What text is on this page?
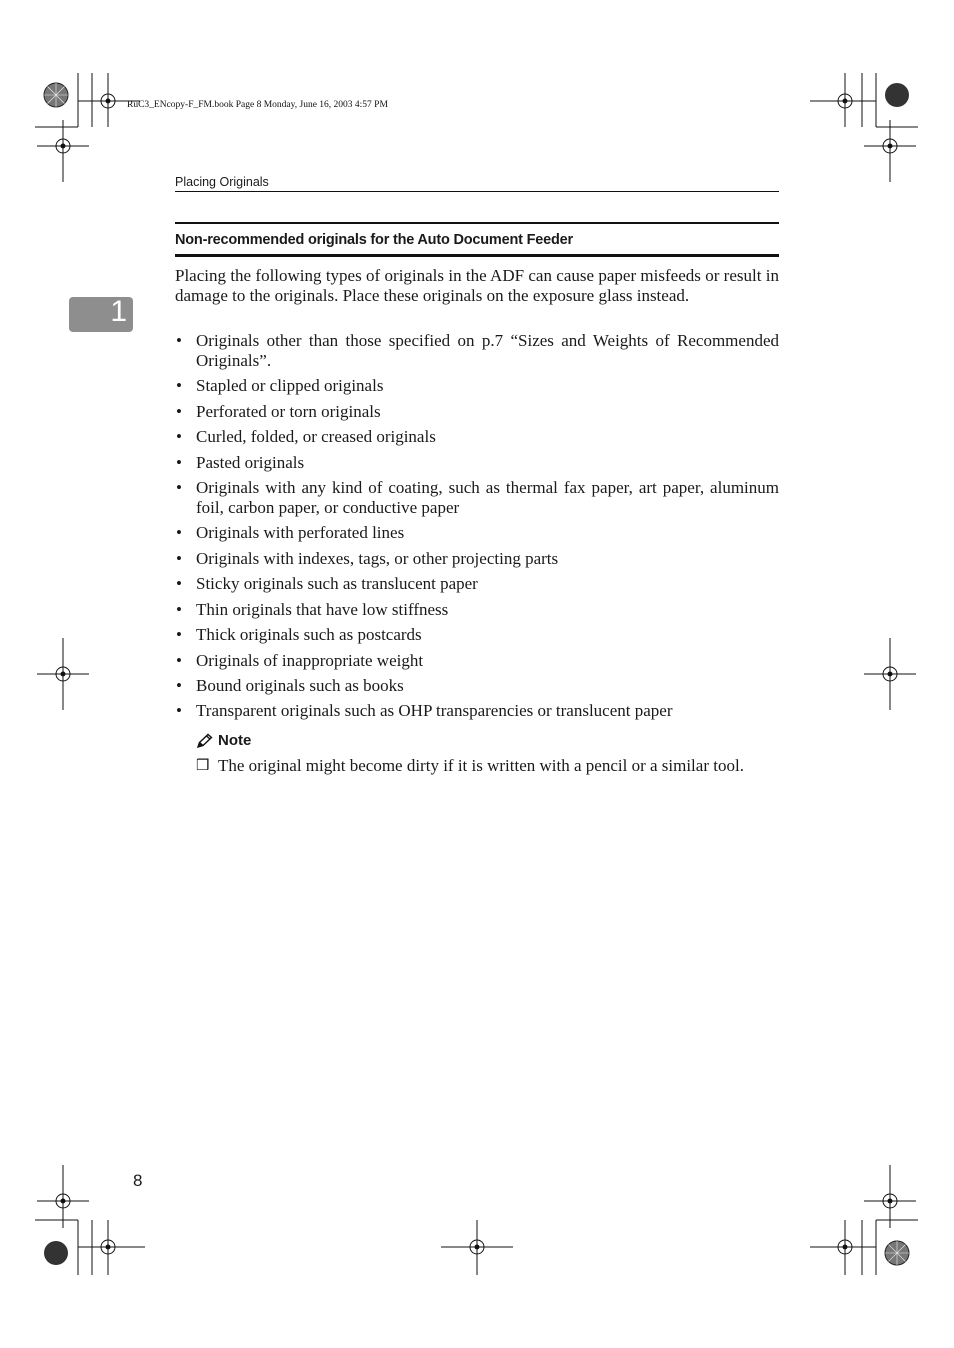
RuC3_ENcopy-F_FM.book Page 8 Monday, June 16, 2003 4:57 PM
Placing Originals
1
Non-recommended originals for the Auto Document Feeder

Placing the following types of originals in the ADF can cause paper misfeeds or result in damage to the originals. Place these originals on the exposure glass instead.

• Originals other than those specified on p.7 “Sizes and Weights of Recommended Originals”.
• Stapled or clipped originals
• Perforated or torn originals
• Curled, folded, or creased originals
• Pasted originals
• Originals with any kind of coating, such as thermal fax paper, art paper, aluminum foil, carbon paper, or conductive paper
• Originals with perforated lines
• Originals with indexes, tags, or other projecting parts
• Sticky originals such as translucent paper
• Thin originals that have low stiffness
• Thick originals such as postcards
• Originals of inappropriate weight
• Bound originals such as books
• Transparent originals such as OHP transparencies or translucent paper
Note
❒ The original might become dirty if it is written with a pencil or a similar tool.
8
